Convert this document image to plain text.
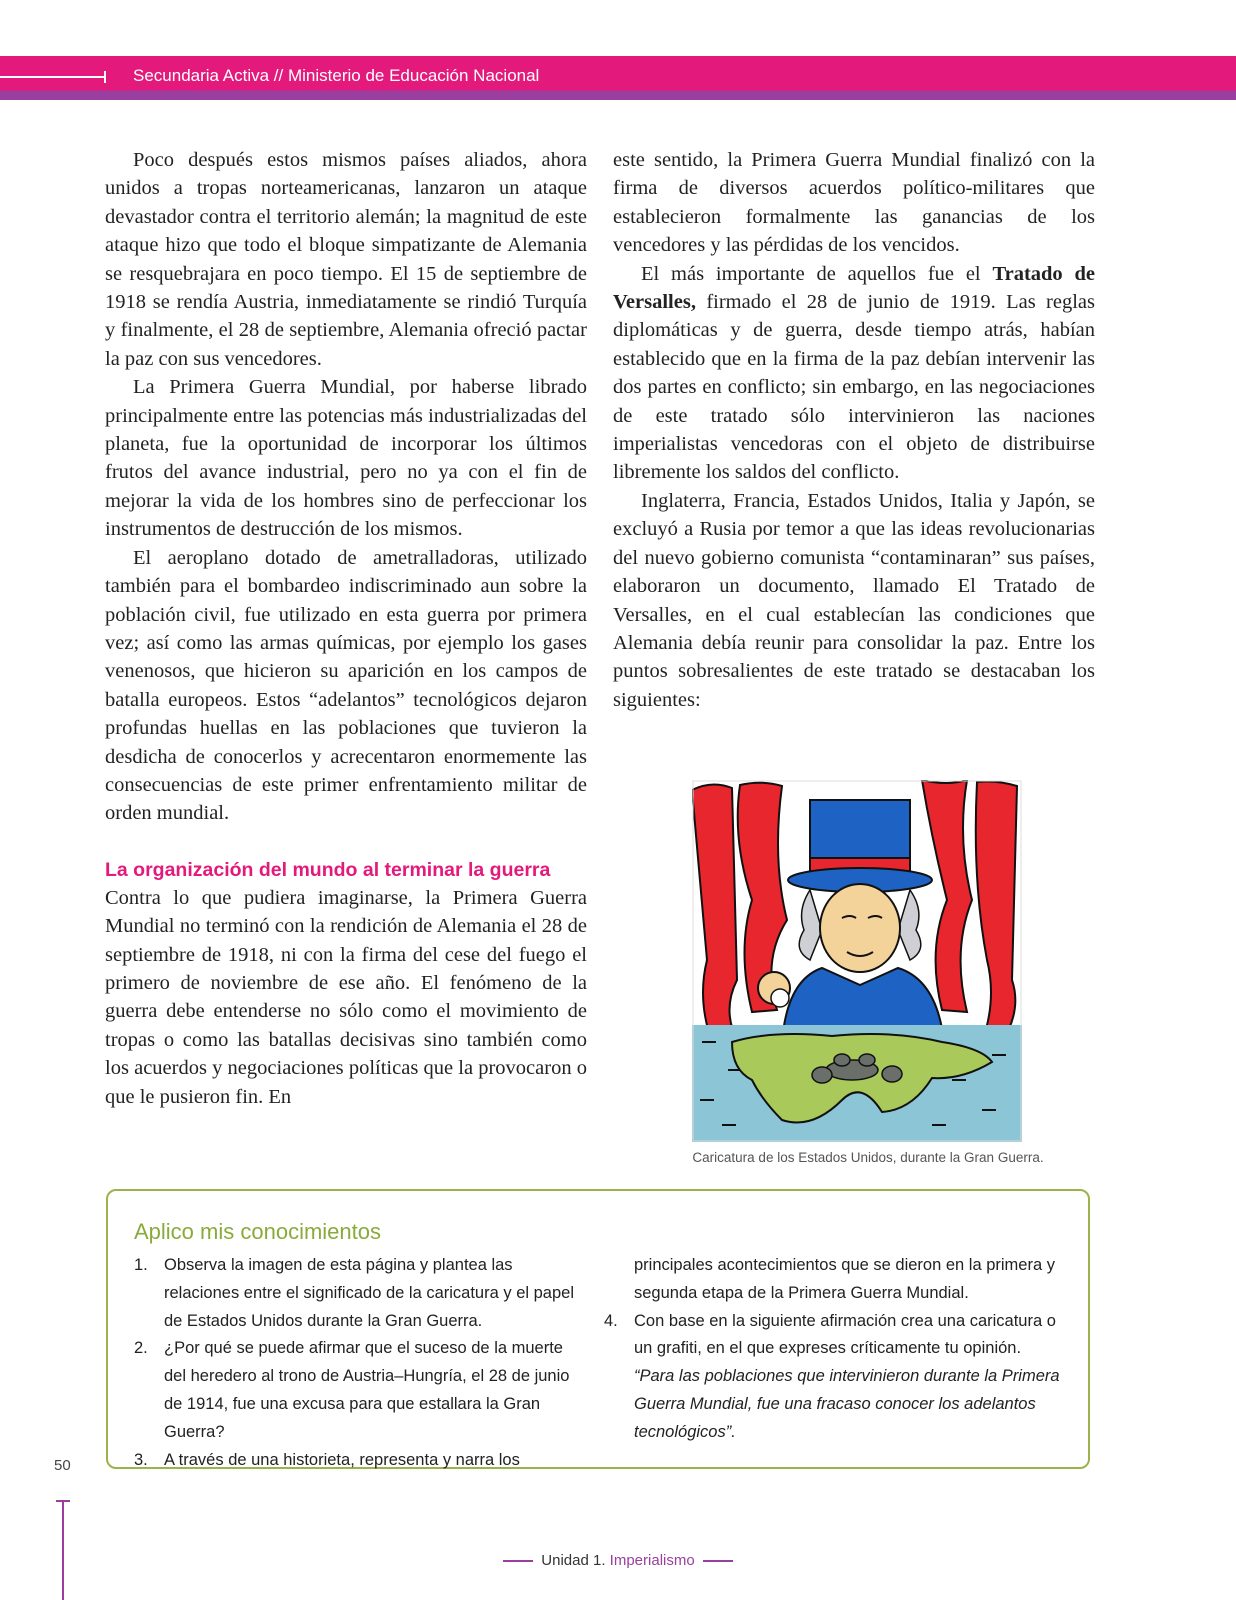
Secundaria Activa // Ministerio de Educación Nacional

Poco después estos mismos países aliados, ahora unidos a tropas norteamericanas, lanzaron un ataque devastador contra el territorio alemán; la magnitud de este ataque hizo que todo el bloque simpatizante de Alemania se resquebrajara en poco tiempo. El 15 de septiembre de 1918 se rendía Austria, inmediatamente se rindió Turquía y finalmente, el 28 de septiembre, Alemania ofreció pactar la paz con sus vencedores.

La Primera Guerra Mundial, por haberse librado principalmente entre las potencias más industrializadas del planeta, fue la oportunidad de incorporar los últimos frutos del avance industrial, pero no ya con el fin de mejorar la vida de los hombres sino de perfeccionar los instrumentos de destrucción de los mismos.

El aeroplano dotado de ametralladoras, utilizado también para el bombardeo indiscriminado aun sobre la población civil, fue utilizado en esta guerra por primera vez; así como las armas químicas, por ejemplo los gases venenosos, que hicieron su aparición en los campos de batalla europeos. Estos “adelantos” tecnológicos dejaron profundas huellas en las poblaciones que tuvieron la desdicha de conocerlos y acrecentaron enormemente las consecuencias de este primer enfrentamiento militar de orden mundial.

La organización del mundo al terminar la guerra

Contra lo que pudiera imaginarse, la Primera Guerra Mundial no terminó con la rendición de Alemania el 28 de septiembre de 1918, ni con la firma del cese del fuego el primero de noviembre de ese año. El fenómeno de la guerra debe entenderse no sólo como el movimiento de tropas o como las batallas decisivas sino también como los acuerdos y negociaciones políticas que la provocaron o que le pusieron fin. En

este sentido, la Primera Guerra Mundial finalizó con la firma de diversos acuerdos político-militares que establecieron formalmente las ganancias de los vencedores y las pérdidas de los vencidos.

El más importante de aquellos fue el Tratado de Versalles, firmado el 28 de junio de 1919. Las reglas diplomáticas y de guerra, desde tiempo atrás, habían establecido que en la firma de la paz debían intervenir las dos partes en conflicto; sin embargo, en las negociaciones de este tratado sólo intervinieron las naciones imperialistas vencedoras con el objeto de distribuirse libremente los saldos del conflicto.

Inglaterra, Francia, Estados Unidos, Italia y Japón, se excluyó a Rusia por temor a que las ideas revolucionarias del nuevo gobierno comunista “contaminaran” sus países, elaboraron un documento, llamado El Tratado de Versalles, en el cual establecían las condiciones que Alemania debía reunir para consolidar la paz. Entre los puntos sobresalientes de este tratado se destacaban los siguientes:

Caricatura de los Estados Unidos, durante la Gran Guerra.
Aplico mis conocimientos
1. Observa la imagen de esta página y plantea las relaciones entre el significado de la caricatura y el papel de Estados Unidos durante la Gran Guerra.
2. ¿Por qué se puede afirmar que el suceso de la muerte del heredero al trono de Austria–Hungría, el 28 de junio de 1914, fue una excusa para que estallara la Gran Guerra?
3. A través de una historieta, representa y narra los
principales acontecimientos que se dieron en la primera y segunda etapa de la Primera Guerra Mundial.
4. Con base en la siguiente afirmación crea una caricatura o un grafiti, en el que expreses críticamente tu opinión.
“Para las poblaciones que intervinieron durante la Primera Guerra Mundial, fue una fracaso conocer los adelantos tecnológicos”.
50
Unidad 1. Imperialismo
